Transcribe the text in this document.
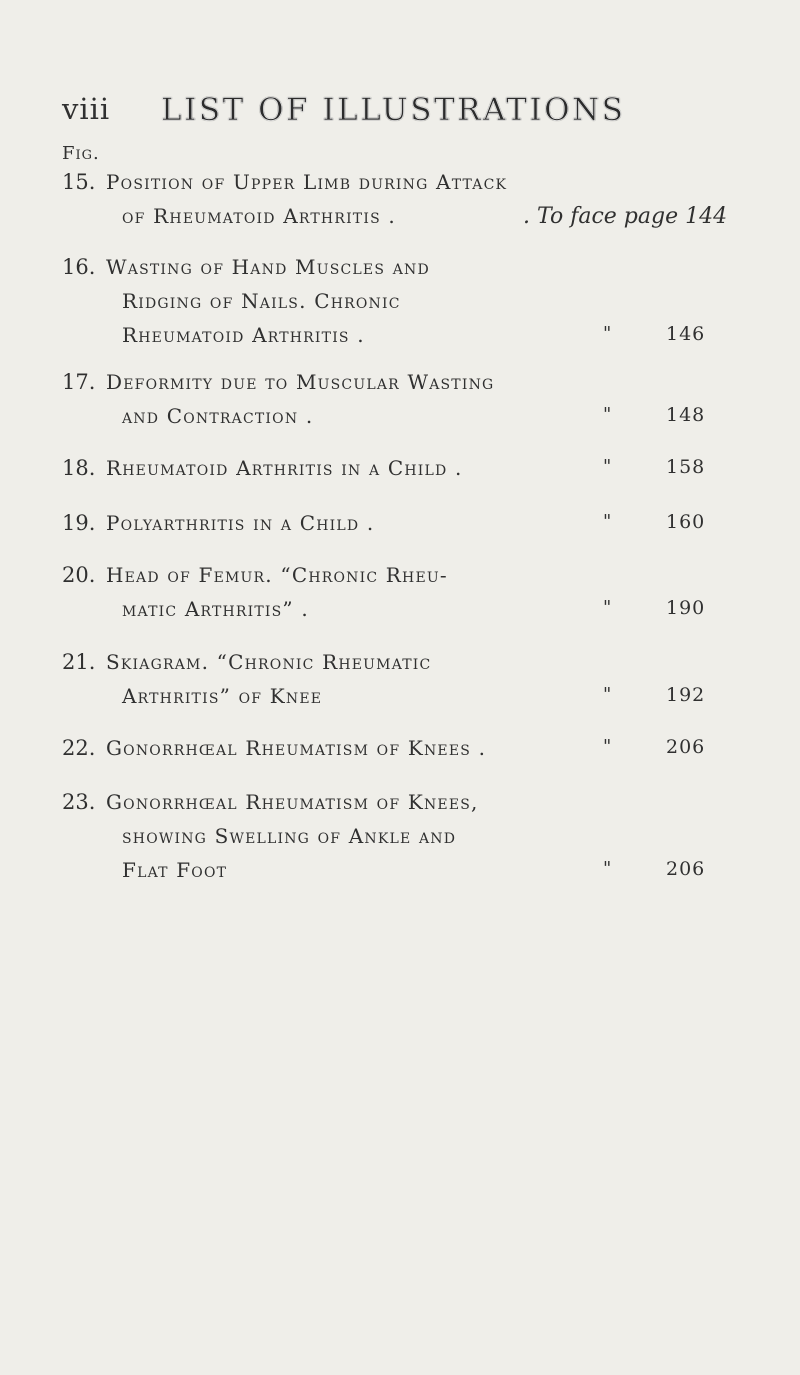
viii LIST OF ILLUSTRATIONS
Fig.
15. Position of Upper Limb during Attack
of Rheumatoid Arthritis .	. To face page 144
16. Wasting of Hand Muscles and
Ridging of Nails. Chronic
Rheumatoid Arthritis .	"	146
17. Deformity due to Muscular Wasting
and Contraction .	"	148
18. Rheumatoid Arthritis in a Child .	"	158
19. Polyarthritis in a Child .	"	160
20. Head of Femur. “Chronic Rheu-
matic Arthritis” .	"	190
21. Skiagram. “Chronic Rheumatic
Arthritis” of Knee	"	192
22. Gonorrhœal Rheumatism of Knees .	"	206
23. Gonorrhœal Rheumatism of Knees,
showing Swelling of Ankle and
Flat Foot	"	206
